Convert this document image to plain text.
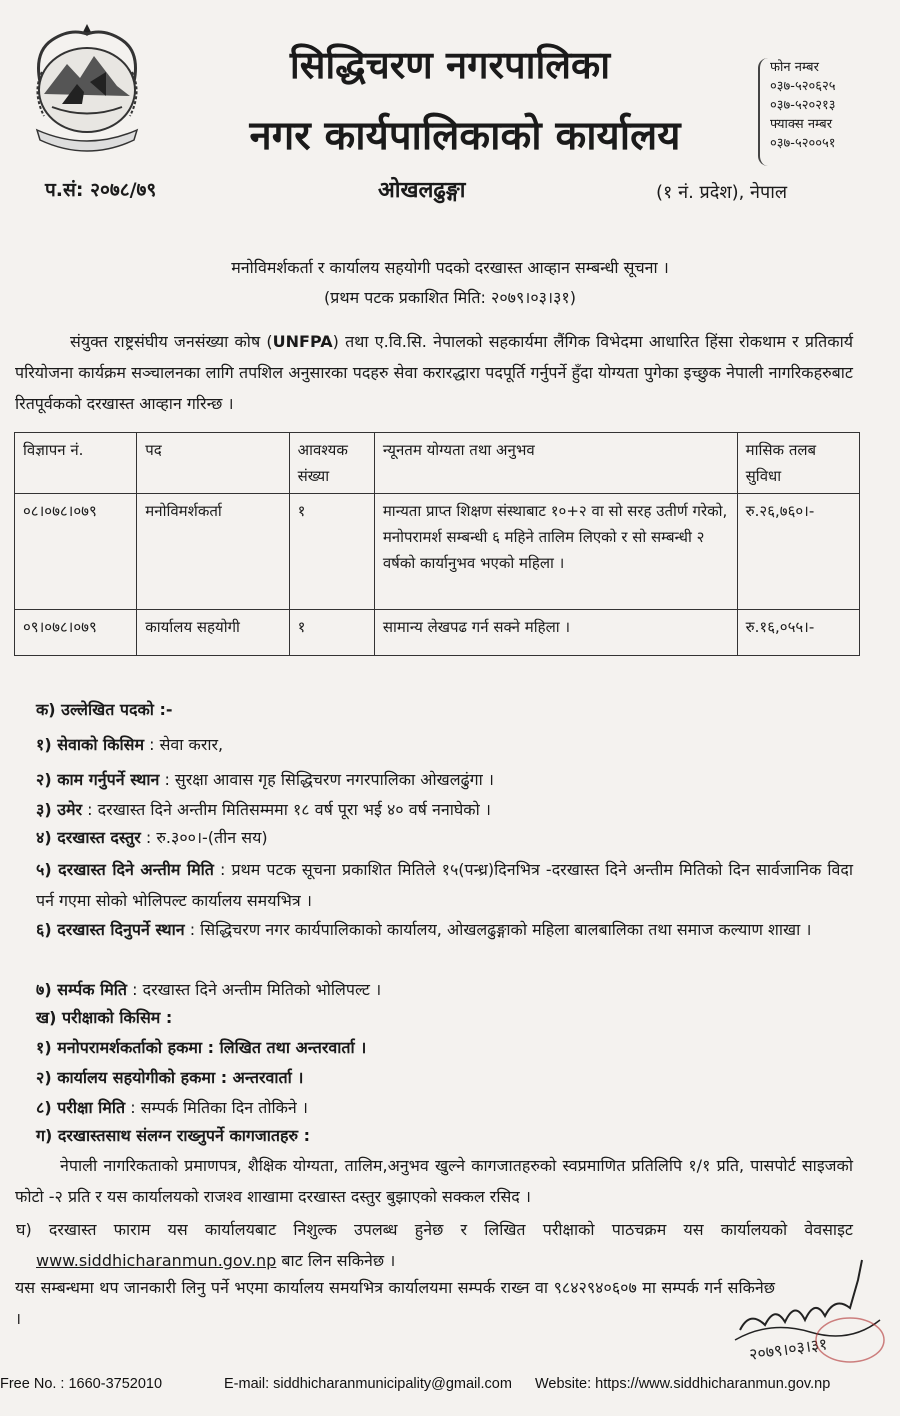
सिद्धिचरण नगरपालिका
नगर कार्यपालिकाको कार्यालय
फोन नम्बर
०३७-५२०६२५
०३७-५२०२१३
फ्याक्स नम्बर
०३७-५२००५१
प.सं: २०७८/७९	ओखलढुङ्गा	(१ नं. प्रदेश), नेपाल
मनोविमर्शकर्ता र कार्यालय सहयोगी पदको दरखास्त आव्हान सम्बन्धी सूचना ।
(प्रथम पटक प्रकाशित मिति: २०७९।०३।३१)
संयुक्त राष्ट्रसंघीय जनसंख्या कोष (UNFPA) तथा ए.वि.सि. नेपालको सहकार्यमा लैंगिक विभेदमा आधारित हिंसा रोकथाम र प्रतिकार्य परियोजना कार्यक्रम सञ्चालनका लागि तपशिल अनुसारका पदहरु सेवा करारद्धारा पदपूर्ति गर्नुपर्ने हुँदा योग्यता पुगेका इच्छुक नेपाली नागरिकहरुबाट रितपूर्वकको दरखास्त आव्हान गरिन्छ ।
विज्ञापन नं.	पद	आवश्यक संख्या	न्यूनतम योग्यता तथा अनुभव	मासिक तलब सुविधा
०८।०७८।०७९	मनोविमर्शकर्ता	१	मान्यता प्राप्त शिक्षण संस्थाबाट १०+२ वा सो सरह उतीर्ण गरेको, मनोपरामर्श सम्बन्धी ६ महिने तालिम लिएको र सो सम्बन्धी २ वर्षको कार्यानुभव भएको महिला ।	रु.२६,७६०।-
०९।०७८।०७९	कार्यालय सहयोगी	१	सामान्य लेखपढ गर्न सक्ने महिला ।	रु.१६,०५५।-
क) उल्लेखित पदको :-
१) सेवाको किसिम : सेवा करार,
२) काम गर्नुपर्ने स्थान : सुरक्षा आवास गृह सिद्धिचरण नगरपालिका ओखलढुंगा ।
३) उमेर : दरखास्त दिने अन्तीम मितिसम्ममा १८ वर्ष पूरा भई ४० वर्ष ननाघेको ।
४) दरखास्त दस्तुर : रु.३००।-(तीन सय)
५) दरखास्त दिने अन्तीम मिति : प्रथम पटक सूचना प्रकाशित मितिले १५(पन्ध्र)दिनभित्र -दरखास्त दिने अन्तीम मितिको दिन सार्वजानिक विदा पर्न गएमा सोको भोलिपल्ट कार्यालय समयभित्र ।
६) दरखास्त दिनुपर्ने स्थान : सिद्धिचरण नगर कार्यपालिकाको कार्यालय, ओखलढुङ्गाको महिला बालबालिका तथा समाज कल्याण शाखा ।
७) सर्म्पक मिति : दरखास्त दिने अन्तीम मितिको भोलिपल्ट ।
ख) परीक्षाको किसिम :
१) मनोपरामर्शकर्ताको हकमा : लिखित तथा अन्तरवार्ता ।
२) कार्यालय सहयोगीको हकमा : अन्तरवार्ता ।
८) परीक्षा मिति : सम्पर्क मितिका दिन तोकिने ।
ग) दरखास्तसाथ संलग्न राख्नुपर्ने कागजातहरु :
नेपाली नागरिकताको प्रमाणपत्र, शैक्षिक योग्यता, तालिम,अनुभव खुल्ने कागजातहरुको स्वप्रमाणित प्रतिलिपि १/१ प्रति, पासपोर्ट साइजको फोटो -२ प्रति र यस कार्यालयको राजश्व शाखामा दरखास्त दस्तुर बुझाएको सक्कल रसिद ।
घ) दरखास्त फाराम यस कार्यालयबाट निशुल्क उपलब्ध हुनेछ र लिखित परीक्षाको पाठचक्रम यस कार्यालयको वेवसाइट www.siddhicharanmun.gov.np बाट लिन सकिनेछ ।
यस सम्बन्धमा थप जानकारी लिनु पर्ने भएमा कार्यालय समयभित्र कार्यालयमा सम्पर्क राख्न वा ९८४२९४०६०७ मा सम्पर्क गर्न सकिनेछ ।
२०७९।०३।३१
Free No. : 1660-3752010	E-mail: siddhicharanmunicipality@gmail.com Website: https://www.siddhicharanmun.gov.np
